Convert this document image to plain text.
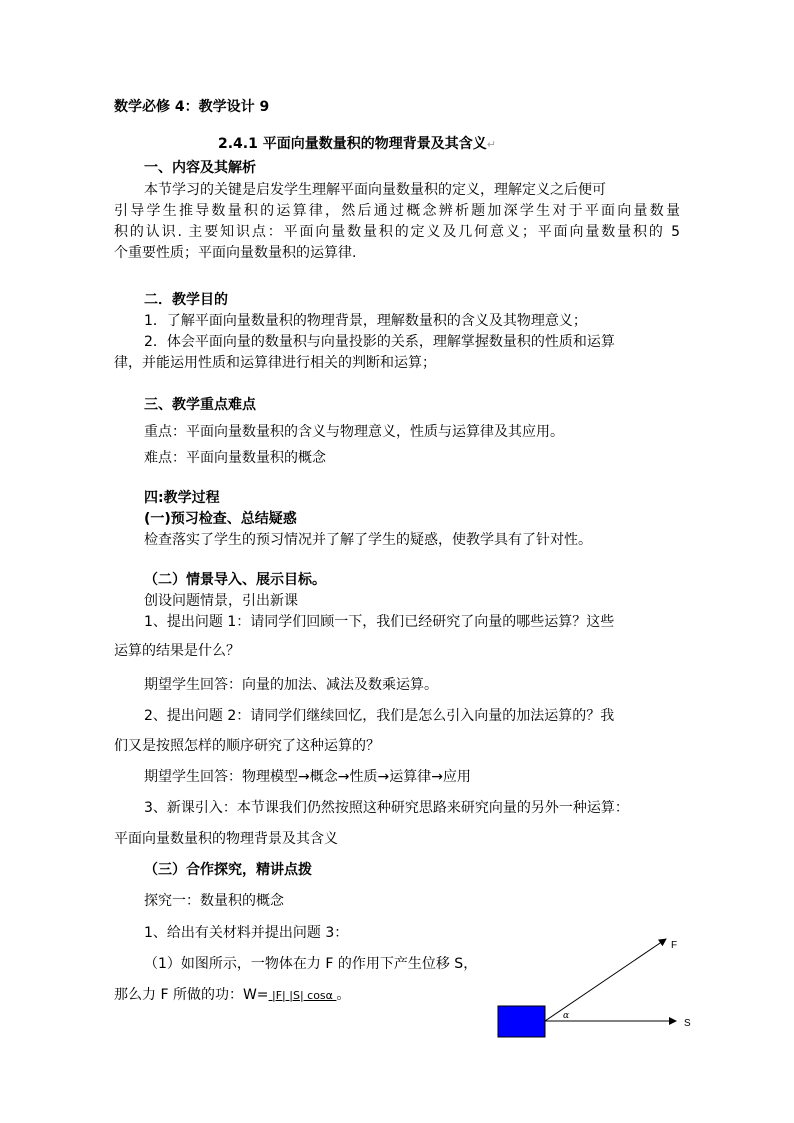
数学必修 4：教学设计 9
2.4.1 平面向量数量积的物理背景及其含义↵
一、内容及其解析
本节学习的关键是启发学生理解平面向量数量积的定义，理解定义之后便可
引导学生推导数量积的运算律，然后通过概念辨析题加深学生对于平面向量数量
积的认识. 主要知识点：平面向量数量积的定义及几何意义；平面向量数量积的 5
个重要性质；平面向量数量积的运算律.
二．教学目的
1．了解平面向量数量积的物理背景，理解数量积的含义及其物理意义；
2．体会平面向量的数量积与向量投影的关系，理解掌握数量积的性质和运算
律，并能运用性质和运算律进行相关的判断和运算；
三、教学重点难点
重点：平面向量数量积的含义与物理意义，性质与运算律及其应用。
难点：平面向量数量积的概念
四:教学过程
(一)预习检查、总结疑惑
检查落实了学生的预习情况并了解了学生的疑惑，使教学具有了针对性。
（二）情景导入、展示目标。
创设问题情景，引出新课
1、提出问题 1：请同学们回顾一下，我们已经研究了向量的哪些运算？这些
运算的结果是什么？
期望学生回答：向量的加法、减法及数乘运算。
2、提出问题 2：请同学们继续回忆，我们是怎么引入向量的加法运算的？我
们又是按照怎样的顺序研究了这种运算的？
期望学生回答：物理模型→概念→性质→运算律→应用
3、新课引入：本节课我们仍然按照这种研究思路来研究向量的另外一种运算：
平面向量数量积的物理背景及其含义
（三）合作探究，精讲点拨
探究一：数量积的概念
1、给出有关材料并提出问题 3：
（1）如图所示，一物体在力 F 的作用下产生位移 S，
那么力 F 所做的功：W= |F| |S| cosα 。
F
S
α
